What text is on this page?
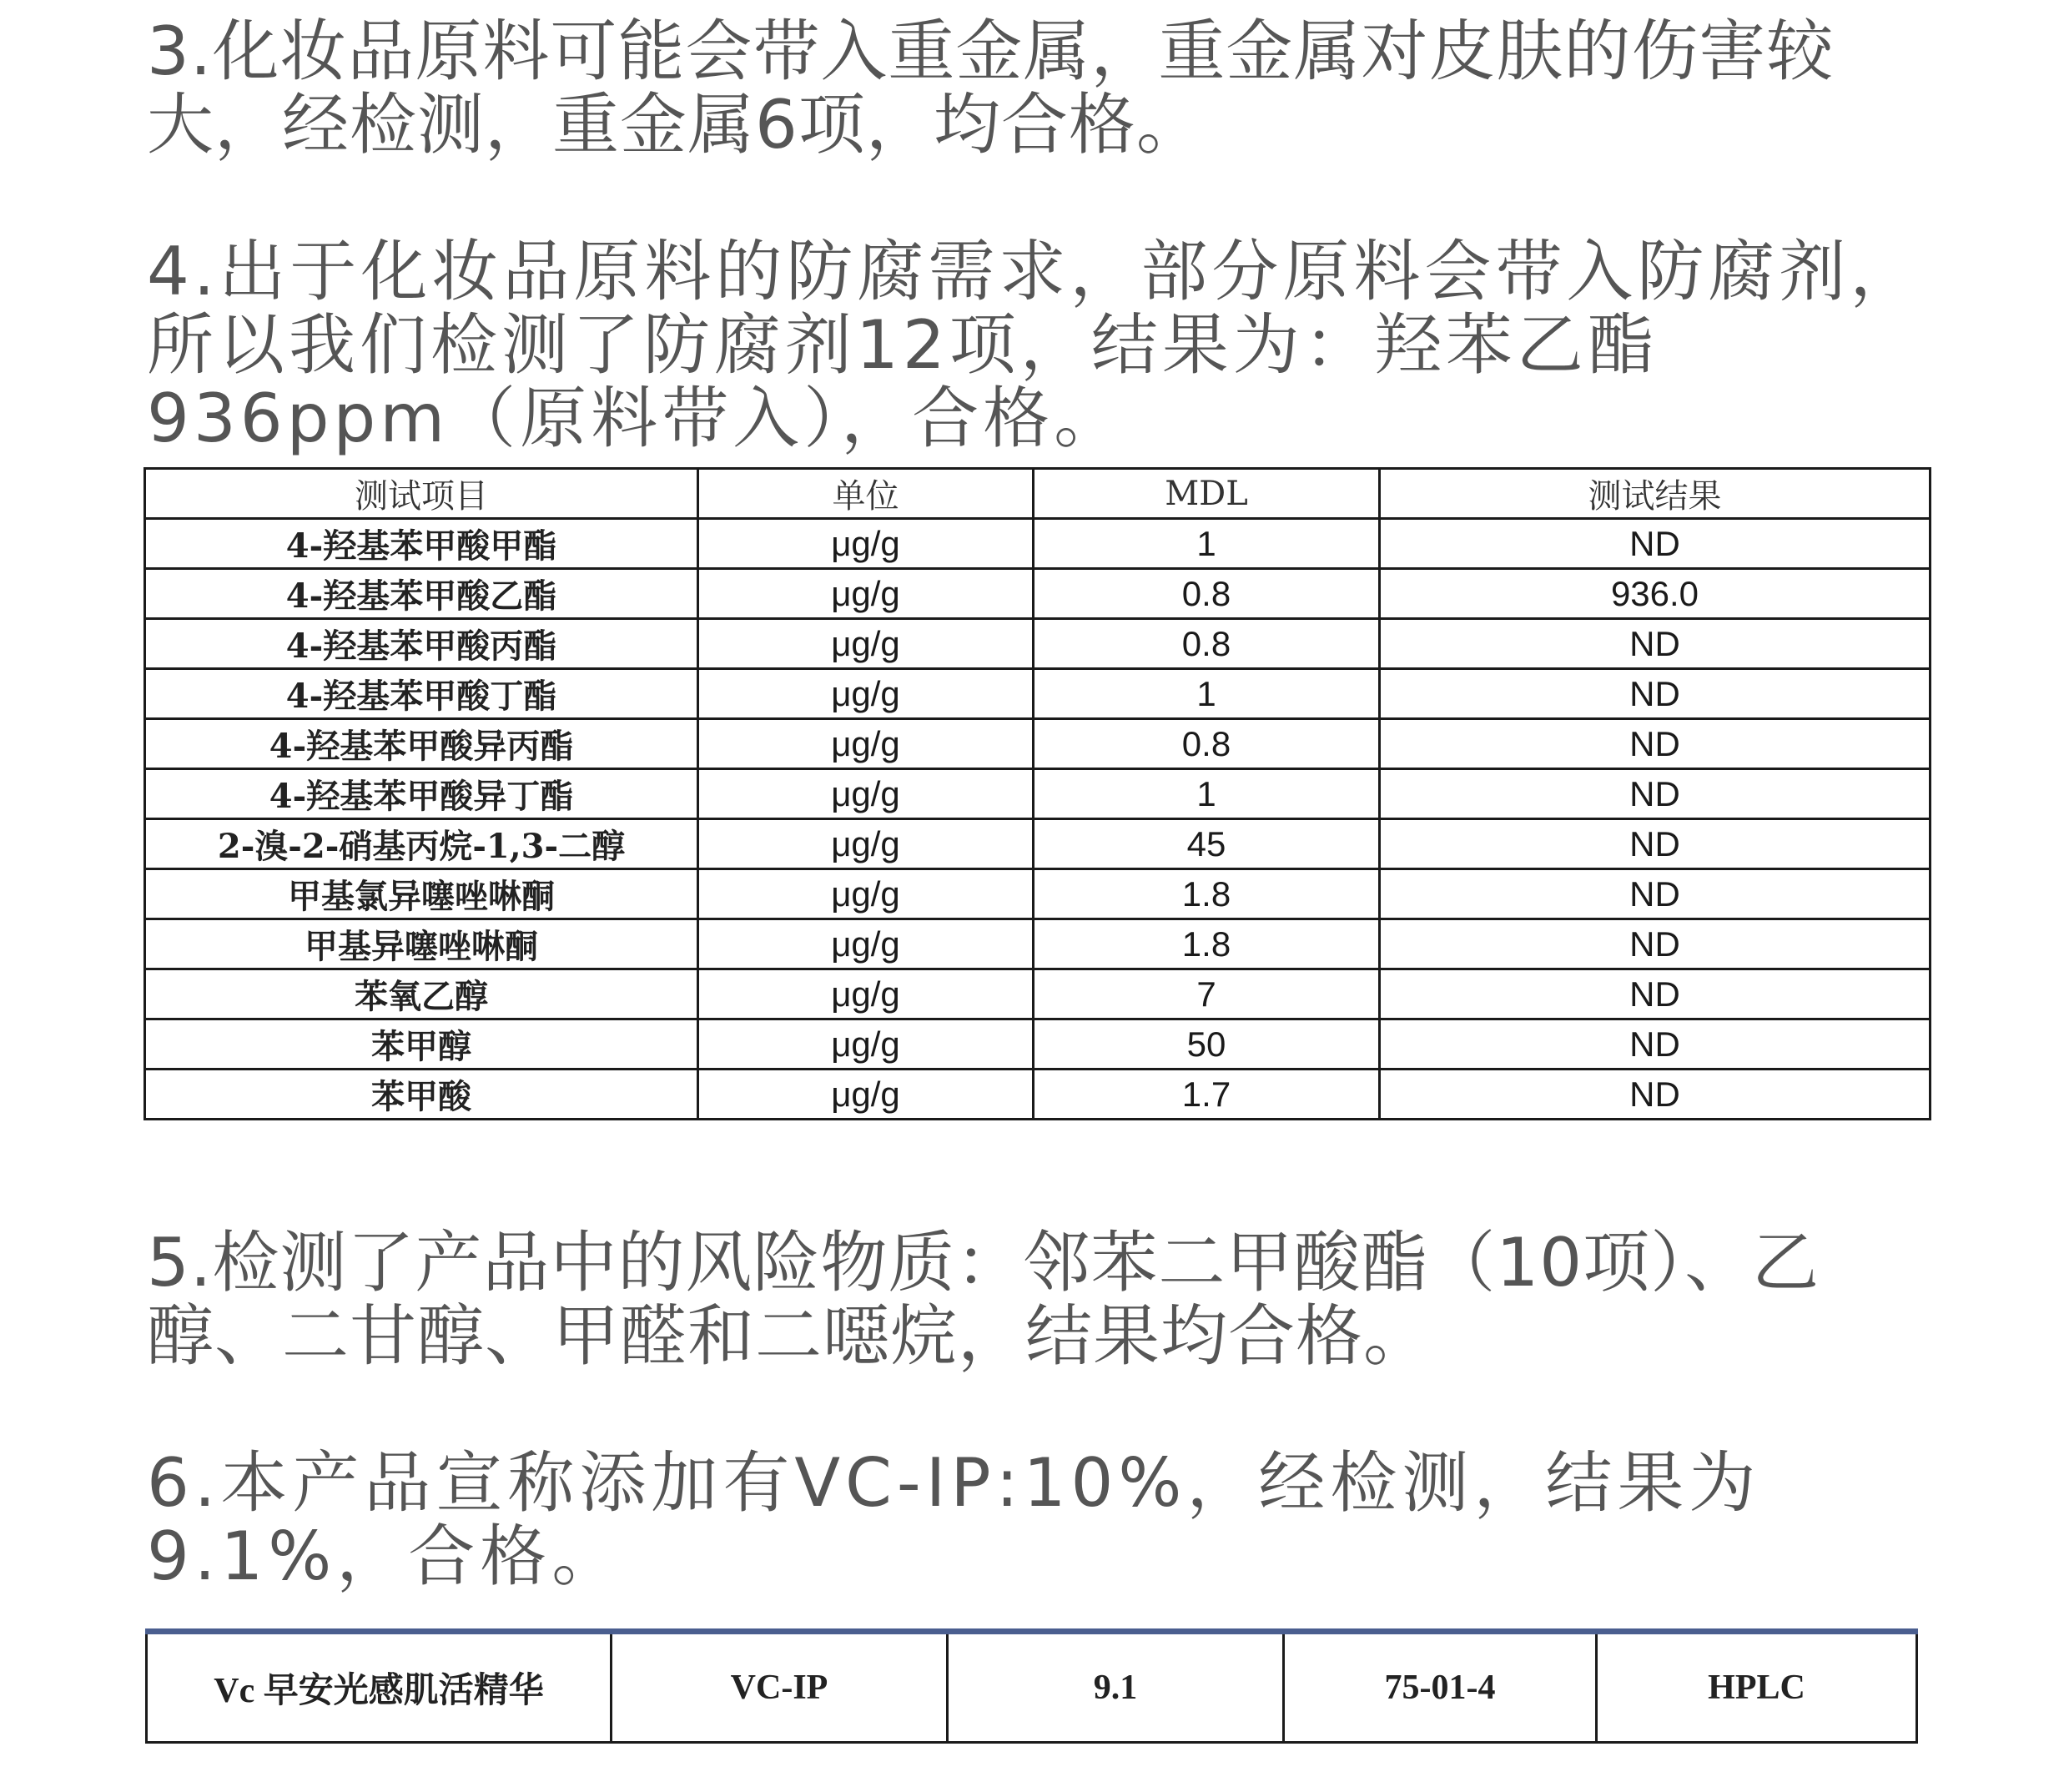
3.化妆品原料可能会带入重金属，重金属对皮肤的伤害较大，经检测，重金属6项，均合格。

4.出于化妆品原料的防腐需求，部分原料会带入防腐剂，所以我们检测了防腐剂12项，结果为：羟苯乙酯936ppm（原料带入），合格。

测试项目	单位	MDL	测试结果
4-羟基苯甲酸甲酯	μg/g	1	ND
4-羟基苯甲酸乙酯	μg/g	0.8	936.0
4-羟基苯甲酸丙酯	μg/g	0.8	ND
4-羟基苯甲酸丁酯	μg/g	1	ND
4-羟基苯甲酸异丙酯	μg/g	0.8	ND
4-羟基苯甲酸异丁酯	μg/g	1	ND
2-溴-2-硝基丙烷-1,3-二醇	μg/g	45	ND
甲基氯异噻唑啉酮	μg/g	1.8	ND
甲基异噻唑啉酮	μg/g	1.8	ND
苯氧乙醇	μg/g	7	ND
苯甲醇	μg/g	50	ND
苯甲酸	μg/g	1.7	ND

5.检测了产品中的风险物质：邻苯二甲酸酯（10项）、乙醇、二甘醇、甲醛和二噁烷，结果均合格。

6.本产品宣称添加有VC-IP:10%，经检测，结果为9.1%，合格。

Vc 早安光感肌活精华	VC-IP	9.1	75-01-4	HPLC
